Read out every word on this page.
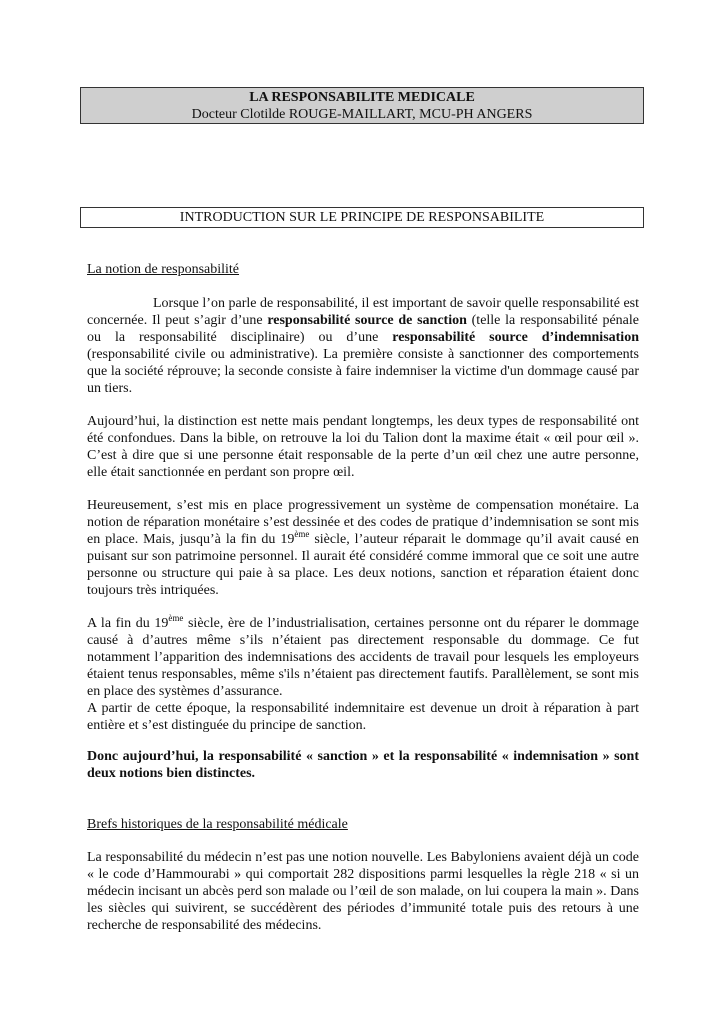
LA RESPONSABILITE MEDICALE
Docteur Clotilde ROUGE-MAILLART, MCU-PH ANGERS
INTRODUCTION SUR LE PRINCIPE DE RESPONSABILITE
La notion de responsabilité

Lorsque l’on parle de responsabilité, il est important de savoir quelle responsabilité est concernée. Il peut s’agir d’une responsabilité source de sanction (telle la responsabilité pénale ou la responsabilité disciplinaire) ou d’une responsabilité source d’indemnisation (responsabilité civile ou administrative). La première consiste à sanctionner des comportements que la société réprouve; la seconde consiste à faire indemniser la victime d'un dommage causé par un tiers.

Aujourd’hui, la distinction est nette mais pendant longtemps, les deux types de responsabilité ont été confondues. Dans la bible, on retrouve la loi du Talion dont la maxime était « œil pour œil ». C’est à dire que si une personne était responsable de la perte d’un œil chez une autre personne, elle était sanctionnée en perdant son propre œil.

Heureusement, s’est mis en place progressivement un système de compensation monétaire. La notion de réparation monétaire s’est dessinée et des codes de pratique d’indemnisation se sont mis en place. Mais, jusqu’à la fin du 19ème siècle, l’auteur réparait le dommage qu’il avait causé en puisant sur son patrimoine personnel. Il aurait été considéré comme immoral que ce soit une autre personne ou structure qui paie à sa place. Les deux notions, sanction et réparation étaient donc toujours très intriquées.

A la fin du 19ème siècle, ère de l’industrialisation, certaines personne ont du réparer le dommage causé à d’autres même s’ils n’étaient pas directement responsable du dommage. Ce fut notamment l’apparition des indemnisations des accidents de travail pour lesquels les employeurs étaient tenus responsables, même s'ils n’étaient pas directement fautifs. Parallèlement, se sont mis en place des systèmes d’assurance.

A partir de cette époque, la responsabilité indemnitaire est devenue un droit à réparation à part entière et s’est distinguée du principe de sanction.

Donc aujourd’hui, la responsabilité « sanction » et la responsabilité « indemnisation » sont deux notions bien distinctes.

Brefs historiques de la responsabilité médicale

La responsabilité du médecin n’est pas une notion nouvelle. Les Babyloniens avaient déjà un code « le code d’Hammourabi » qui comportait 282 dispositions parmi lesquelles la règle 218 « si un médecin incisant un abcès perd son malade ou l’œil de son malade, on lui coupera la main ». Dans les siècles qui suivirent, se succédèrent des périodes d’immunité totale puis des retours à une recherche de responsabilité des médecins.
